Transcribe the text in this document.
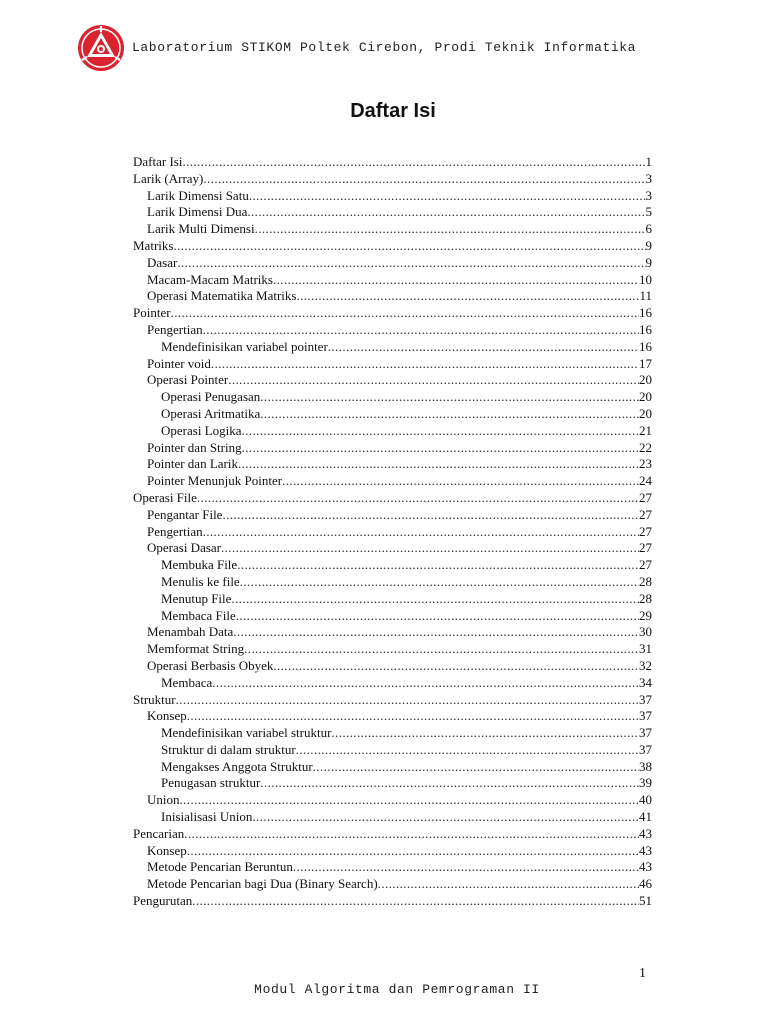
Laboratorium STIKOM Poltek Cirebon, Prodi Teknik Informatika
Daftar Isi
Daftar Isi .....	1
Larik (Array) .....	3
Larik Dimensi Satu .....	3
Larik Dimensi Dua .....	5
Larik Multi Dimensi .....	6
Matriks .....	9
Dasar .....	9
Macam-Macam Matriks .....	10
Operasi Matematika Matriks .....	11
Pointer .....	16
Pengertian .....	16
Mendefinisikan variabel pointer .....	16
Pointer void .....	17
Operasi Pointer .....	20
Operasi Penugasan .....	20
Operasi Aritmatika .....	20
Operasi Logika .....	21
Pointer dan String .....	22
Pointer dan Larik .....	23
Pointer Menunjuk Pointer .....	24
Operasi File .....	27
Pengantar File .....	27
Pengertian .....	27
Operasi Dasar .....	27
Membuka File .....	27
Menulis ke file .....	28
Menutup File .....	28
Membaca File .....	29
Menambah Data .....	30
Memformat String .....	31
Operasi Berbasis Obyek .....	32
Membaca .....	34
Struktur .....	37
Konsep .....	37
Mendefinisikan variabel struktur .....	37
Struktur di dalam struktur .....	37
Mengakses Anggota Struktur .....	38
Penugasan struktur .....	39
Union .....	40
Inisialisasi Union .....	41
Pencarian .....	43
Konsep .....	43
Metode Pencarian Beruntun .....	43
Metode Pencarian bagi Dua (Binary Search) .....	46
Pengurutan .....	51
1
Modul Algoritma dan Pemrograman II
